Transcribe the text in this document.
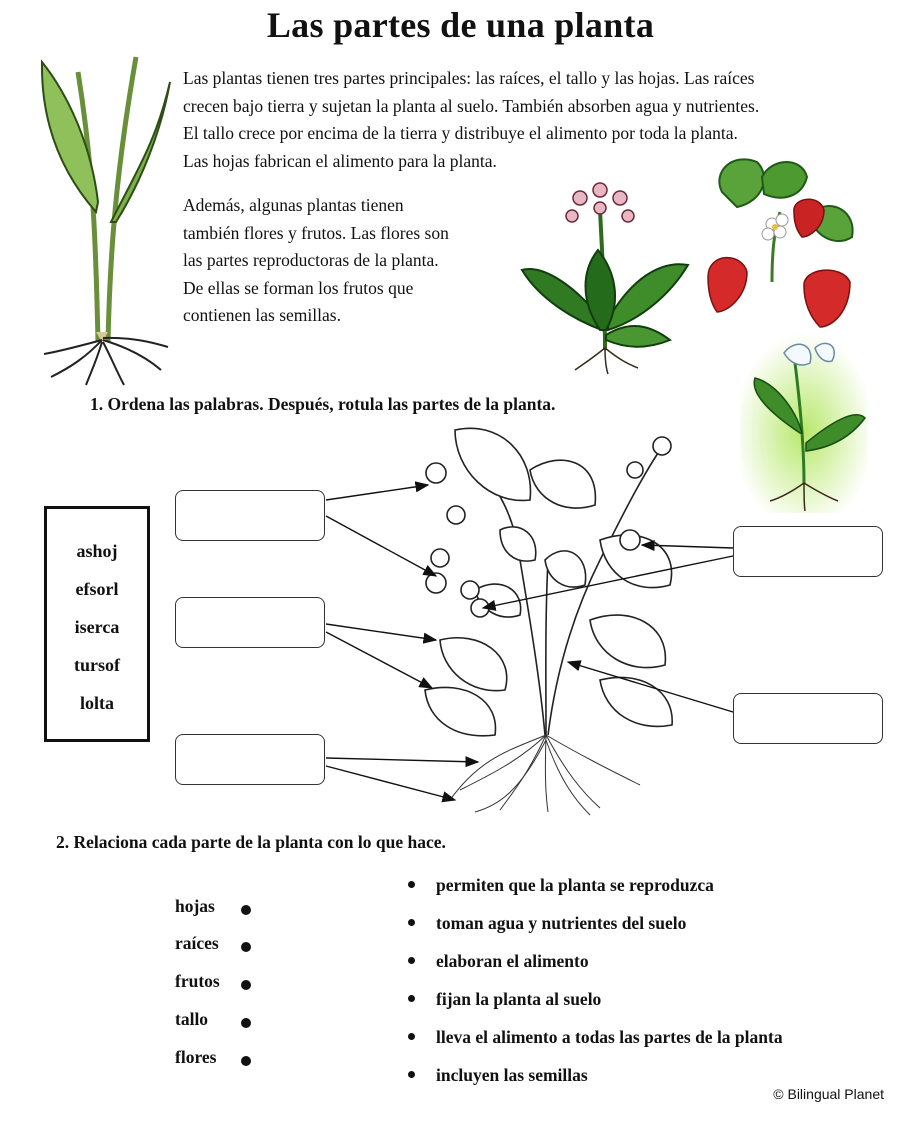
Las partes de una planta
Las plantas tienen tres partes principales: las raíces, el tallo y las hojas. Las raíces
crecen bajo tierra y sujetan la planta al suelo. También absorben agua y nutrientes.
El tallo crece por encima de la tierra y distribuye el alimento por toda la planta.
Las hojas fabrican el alimento para la planta.
Además, algunas plantas tienen
también flores y frutos. Las flores son
las partes reproductoras de la planta.
De ellas se forman los frutos que
contienen las semillas.
1. Ordena las palabras. Después, rotula las partes de la planta.
ashoj
efsorl
iserca
tursof
lolta
2. Relaciona cada parte de la planta con lo que hace.
hojas
raíces
frutos
tallo
flores
permiten que la planta se reproduzca
toman agua y nutrientes del suelo
elaboran el alimento
fijan la planta al suelo
lleva el alimento a todas las partes de la planta
incluyen las semillas
© Bilingual Planet
